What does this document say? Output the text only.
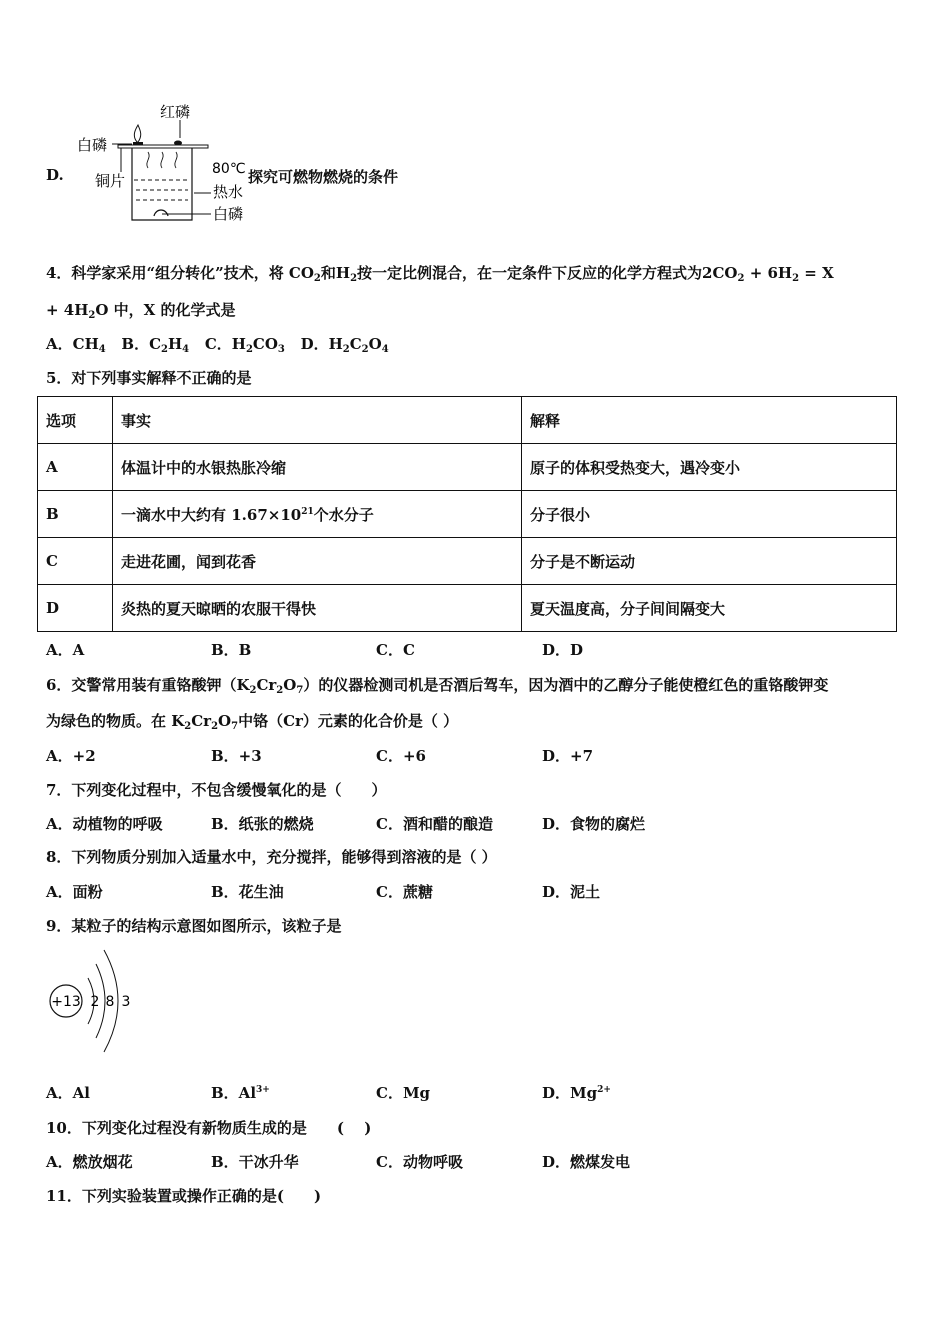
D.
红磷
白磷
铜片
80℃
热水
白磷
探究可燃物燃烧的条件
4．科学家采用“组分转化”技术，将 $CO_2$和$H_2$按一定比例混合，在一定条件下反应的化学方程式为$2CO_2 + 6H_2 = X$
+ $4H_2O$ 中，X 的化学式是
A．$CH_4$ B．$C_2H_4$ C．$H_2CO_3$ D．$H_2C_2O_4$
5．对下列事实解释不正确的是
选项	事实	解释
A	体温计中的水银热胀冷缩	原子的体积受热变大，遇冷变小
B	一滴水中大约有 $1.67\times 10^{21}$个水分子	分子很小
C	走进花圃，闻到花香	分子是不断运动
D	炎热的夏天晾晒的农服干得快	夏天温度高，分子间间隔变大
A．A	B．B	C．C	D．D
6．交警常用装有重铬酸钾$(K_2Cr_2O_7)$的仪器检测司机是否酒后驾车，因为酒中的乙醇分子能使橙红色的重铬酸钾变
为绿色的物质。在 $K_2Cr_2O_7$中铬（Cr）元素的化合价是（ ）
A．+2	B．+3	C．+6	D．+7
7．下列变化过程中，不包含缓慢氧化的是（　　）
A．动植物的呼吸	B．纸张的燃烧	C．酒和醋的酿造	D．食物的腐烂
8．下列物质分别加入适量水中，充分搅拌，能够得到溶液的是（ ）
A．面粉	B．花生油	C．蔗糖	D．泥土
9．某粒子的结构示意图如图所示，该粒子是
+13 2 8 3
A．Al	B．$Al^{3+}$	C．Mg	D．$Mg^{2+}$
10．下列变化过程没有新物质生成的是　　( 　)
A．燃放烟花	B．干冰升华	C．动物呼吸	D．燃煤发电
11．下列实验装置或操作正确的是(　　)
